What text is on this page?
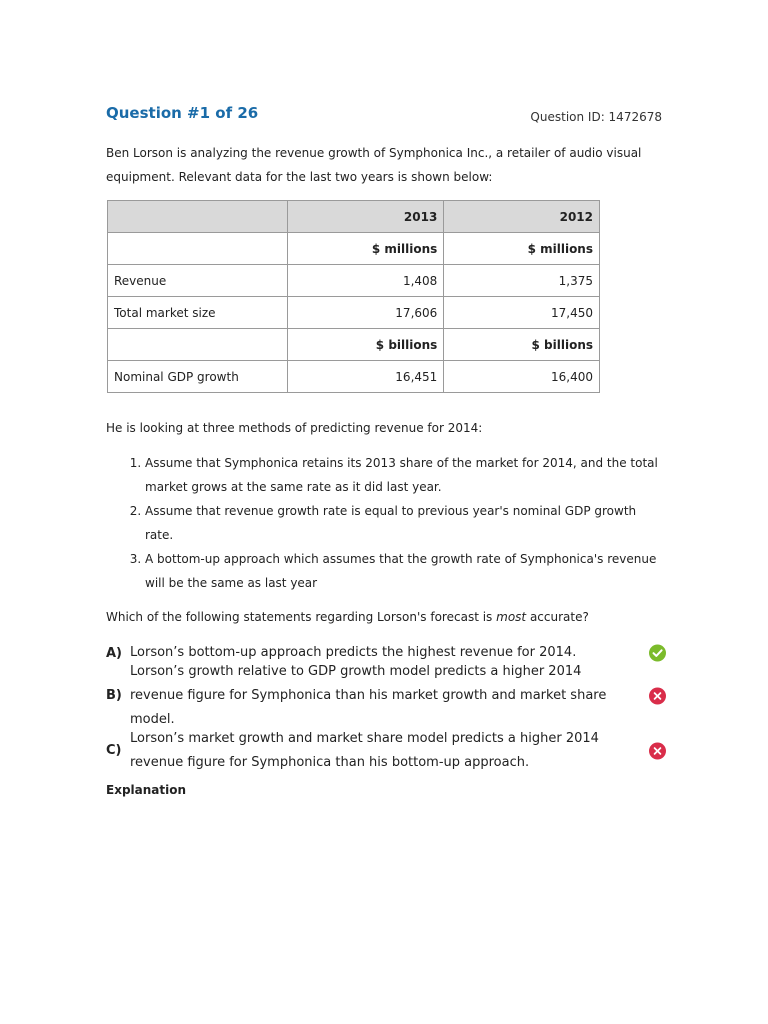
Question #1 of 26	Question ID: 1472678

Ben Lorson is analyzing the revenue growth of Symphonica Inc., a retailer of audio visual equipment. Relevant data for the last two years is shown below:

	2013	2012
	$ millions	$ millions
Revenue	1,408	1,375
Total market size	17,606	17,450
	$ billions	$ billions
Nominal GDP growth	16,451	16,400

He is looking at three methods of predicting revenue for 2014:

1. Assume that Symphonica retains its 2013 share of the market for 2014, and the total market grows at the same rate as it did last year.
2. Assume that revenue growth rate is equal to previous year's nominal GDP growth rate.
3. A bottom-up approach which assumes that the growth rate of Symphonica's revenue will be the same as last year

Which of the following statements regarding Lorson's forecast is most accurate?

A) Lorson’s bottom-up approach predicts the highest revenue for 2014.
B)
Lorson’s growth relative to GDP growth model predicts a higher 2014 revenue figure for Symphonica than his market growth and market share model.
C)
Lorson’s market growth and market share model predicts a higher 2014 revenue figure for Symphonica than his bottom-up approach.
Explanation
